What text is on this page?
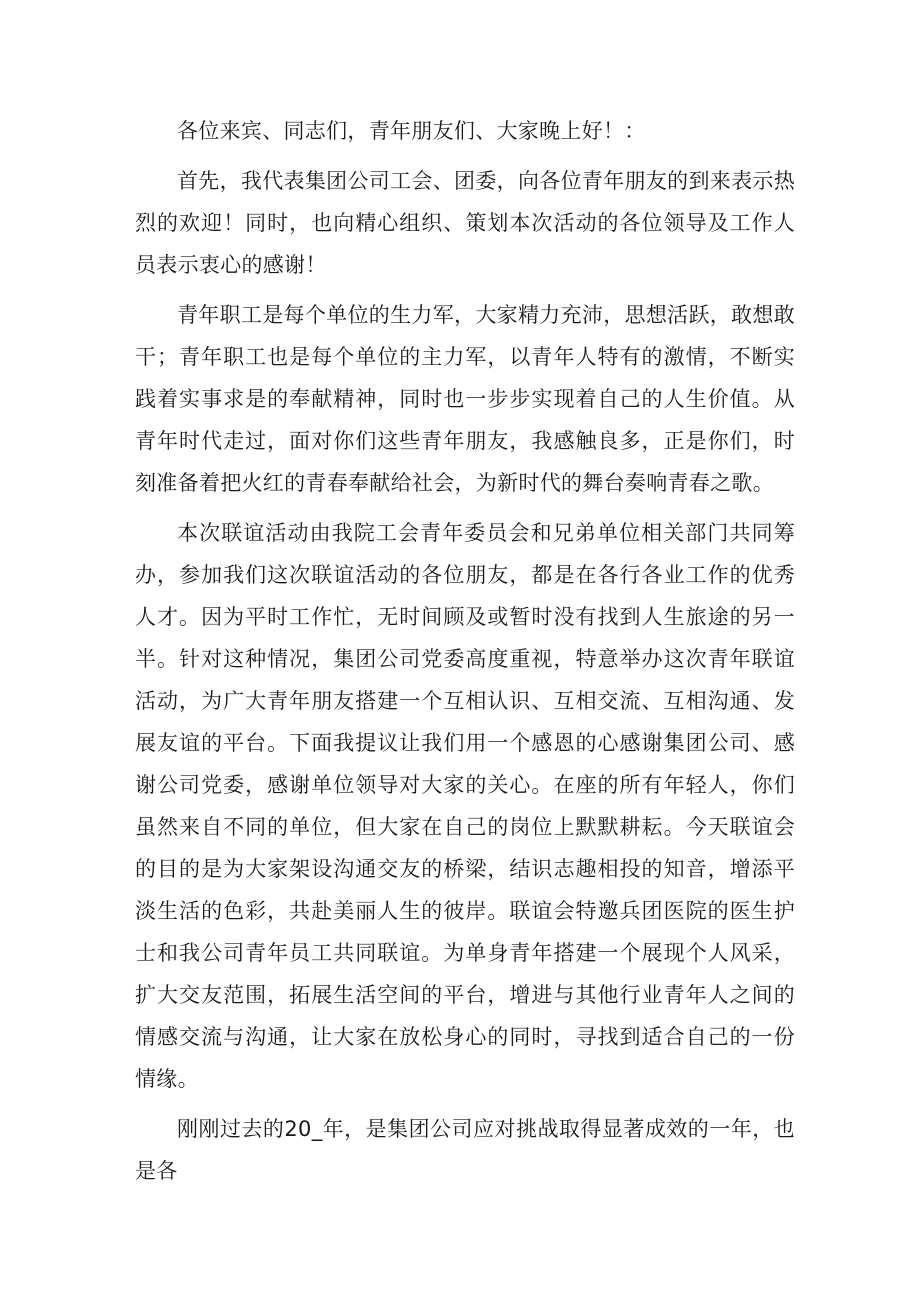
各位来宾、同志们，青年朋友们、大家晚上好！：

首先，我代表集团公司工会、团委，向各位青年朋友的到来表示热烈的欢迎！同时，也向精心组织、策划本次活动的各位领导及工作人员表示衷心的感谢！

青年职工是每个单位的生力军，大家精力充沛，思想活跃，敢想敢干；青年职工也是每个单位的主力军，以青年人特有的激情，不断实践着实事求是的奉献精神，同时也一步步实现着自己的人生价值。从青年时代走过，面对你们这些青年朋友，我感触良多，正是你们，时刻准备着把火红的青春奉献给社会，为新时代的舞台奏响青春之歌。

本次联谊活动由我院工会青年委员会和兄弟单位相关部门共同筹办，参加我们这次联谊活动的各位朋友，都是在各行各业工作的优秀人才。因为平时工作忙，无时间顾及或暂时没有找到人生旅途的另一半。针对这种情况，集团公司党委高度重视，特意举办这次青年联谊活动，为广大青年朋友搭建一个互相认识、互相交流、互相沟通、发展友谊的平台。下面我提议让我们用一个感恩的心感谢集团公司、感谢公司党委，感谢单位领导对大家的关心。在座的所有年轻人，你们虽然来自不同的单位，但大家在自己的岗位上默默耕耘。今天联谊会的目的是为大家架设沟通交友的桥梁，结识志趣相投的知音，增添平淡生活的色彩，共赴美丽人生的彼岸。联谊会特邀兵团医院的医生护士和我公司青年员工共同联谊。为单身青年搭建一个展现个人风采，扩大交友范围，拓展生活空间的平台，增进与其他行业青年人之间的情感交流与沟通，让大家在放松身心的同时，寻找到适合自己的一份情缘。

刚刚过去的20_年，是集团公司应对挑战取得显著成效的一年，也是各
